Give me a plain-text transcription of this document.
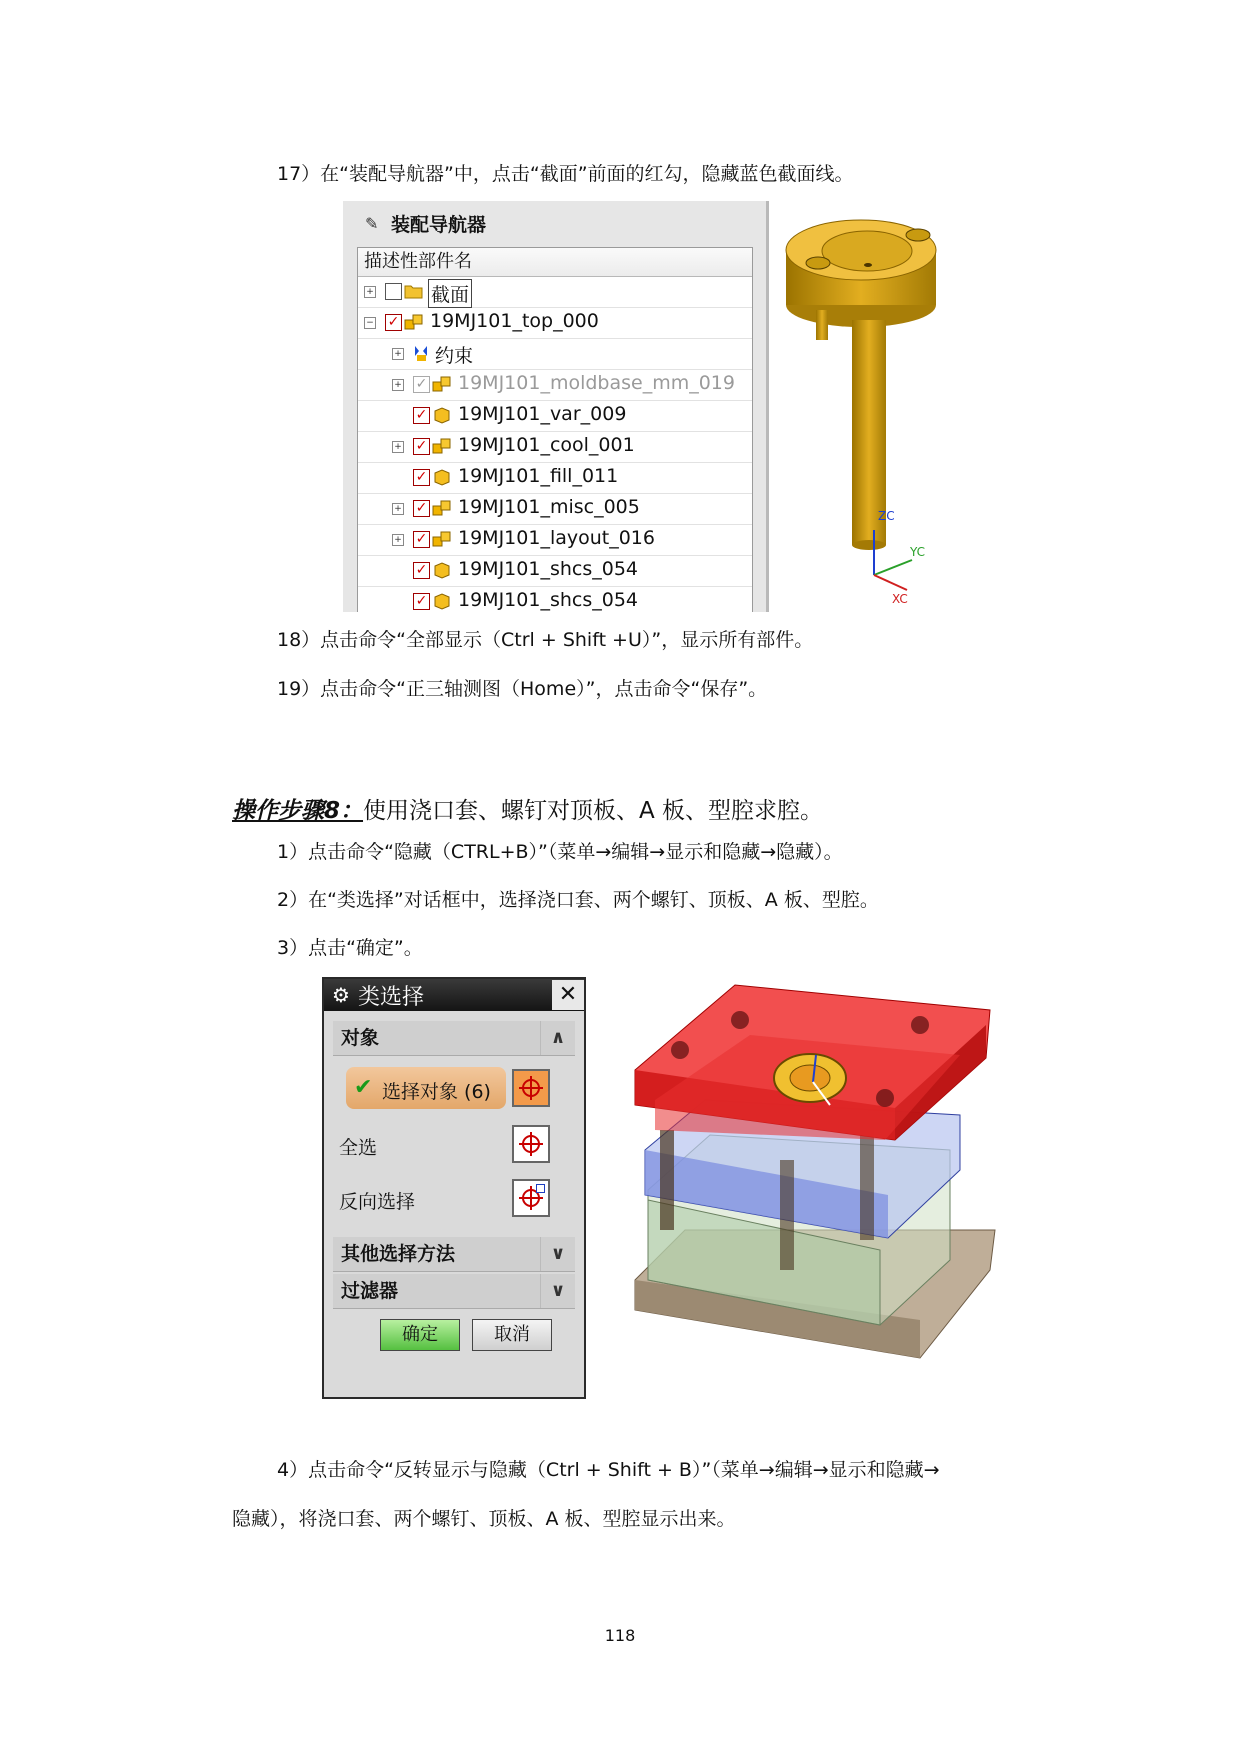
17）在“装配导航器”中，点击“截面”前面的红勾，隐藏蓝色截面线。
✎ 装配导航器
描述性部件名
+	截面
− ✓ 19MJ101_top_000
+ 约束
+ ✓ 19MJ101_moldbase_mm_019
✓ 19MJ101_var_009
+ ✓ 19MJ101_cool_001
✓ 19MJ101_fill_011
+ ✓ 19MJ101_misc_005
+ ✓ 19MJ101_layout_016
✓ 19MJ101_shcs_054
✓ 19MJ101_shcs_054
ZC
YC
XC
18）点击命令“全部显示（Ctrl + Shift +U）”，显示所有部件。
19）点击命令“正三轴测图（Home）”，点击命令“保存”。
操作步骤8：使用浇口套、螺钉对顶板、A 板、型腔求腔。
1）点击命令“隐藏（CTRL+B）”（菜单→编辑→显示和隐藏→隐藏）。
2）在“类选择”对话框中，选择浇口套、两个螺钉、顶板、A 板、型腔。
3）点击“确定”。
⚙ 类选择	✕
对象	∧
✔ 选择对象 (6)
全选
反向选择
其他选择方法	∨
过滤器	∨
确定	取消
4）点击命令“反转显示与隐藏（Ctrl + Shift + B）”（菜单→编辑→显示和隐藏→
隐藏），将浇口套、两个螺钉、顶板、A 板、型腔显示出来。
118
